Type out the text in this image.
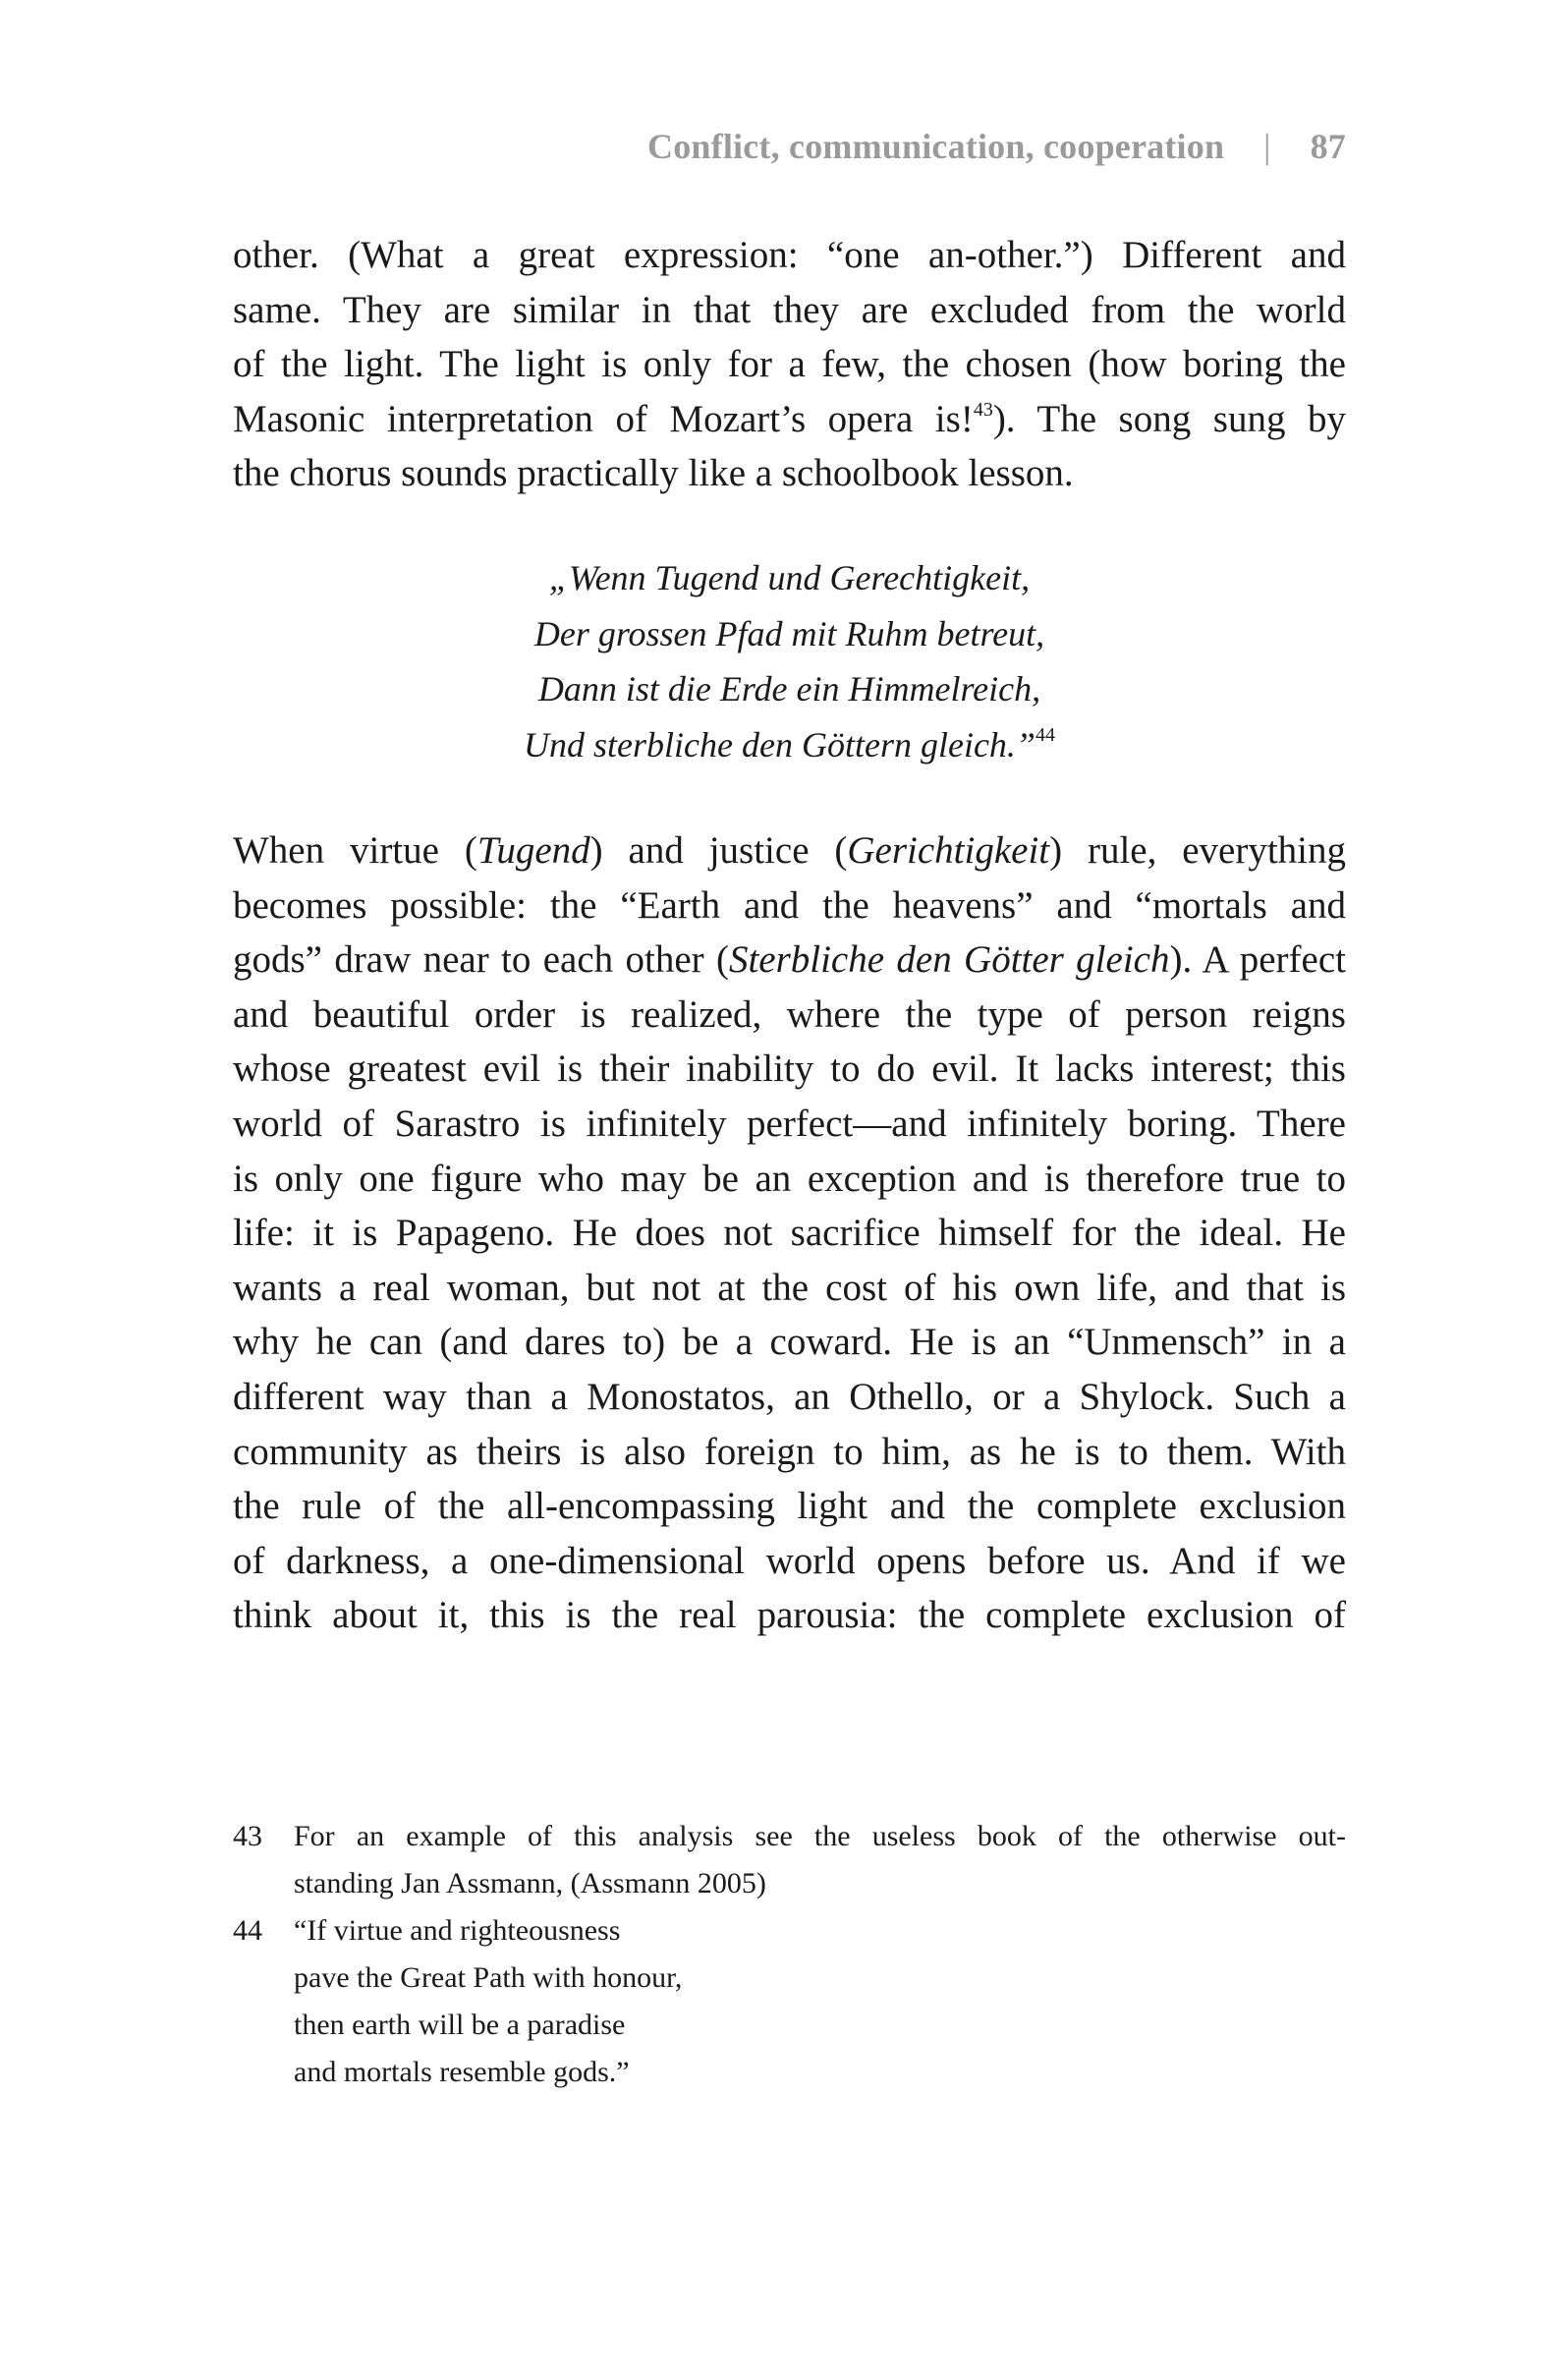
Conflict, communication, cooperation | 87
other. (What a great expression: “one an-other.”) Different and
same. They are similar in that they are excluded from the world
of the light. The light is only for a few, the chosen (how boring the
Masonic interpretation of Mozart’s opera is!$^{43}$). The song sung by
the chorus sounds practically like a schoolbook lesson.
„Wenn Tugend und Gerechtigkeit,
Der grossen Pfad mit Ruhm betreut,
Dann ist die Erde ein Himmelreich,
Und sterbliche den Göttern gleich.”$^{44}$
When virtue (Tugend) and justice (Gerichtigkeit) rule, everything
becomes possible: the “Earth and the heavens” and “mortals and
gods” draw near to each other (Sterbliche den Götter gleich). A perfect
and beautiful order is realized, where the type of person reigns
whose greatest evil is their inability to do evil. It lacks interest; this
world of Sarastro is infinitely perfect—and infinitely boring. There
is only one figure who may be an exception and is therefore true to
life: it is Papageno. He does not sacrifice himself for the ideal. He
wants a real woman, but not at the cost of his own life, and that is
why he can (and dares to) be a coward. He is an “Unmensch” in a
different way than a Monostatos, an Othello, or a Shylock. Such a
community as theirs is also foreign to him, as he is to them. With
the rule of the all-encompassing light and the complete exclusion
of darkness, a one-dimensional world opens before us. And if we
think about it, this is the real parousia: the complete exclusion of
43	For an example of this analysis see the useless book of the otherwise out-
standing Jan Assmann, (Assmann 2005)
44	“If virtue and righteousness
pave the Great Path with honour,
then earth will be a paradise
and mortals resemble gods.”
